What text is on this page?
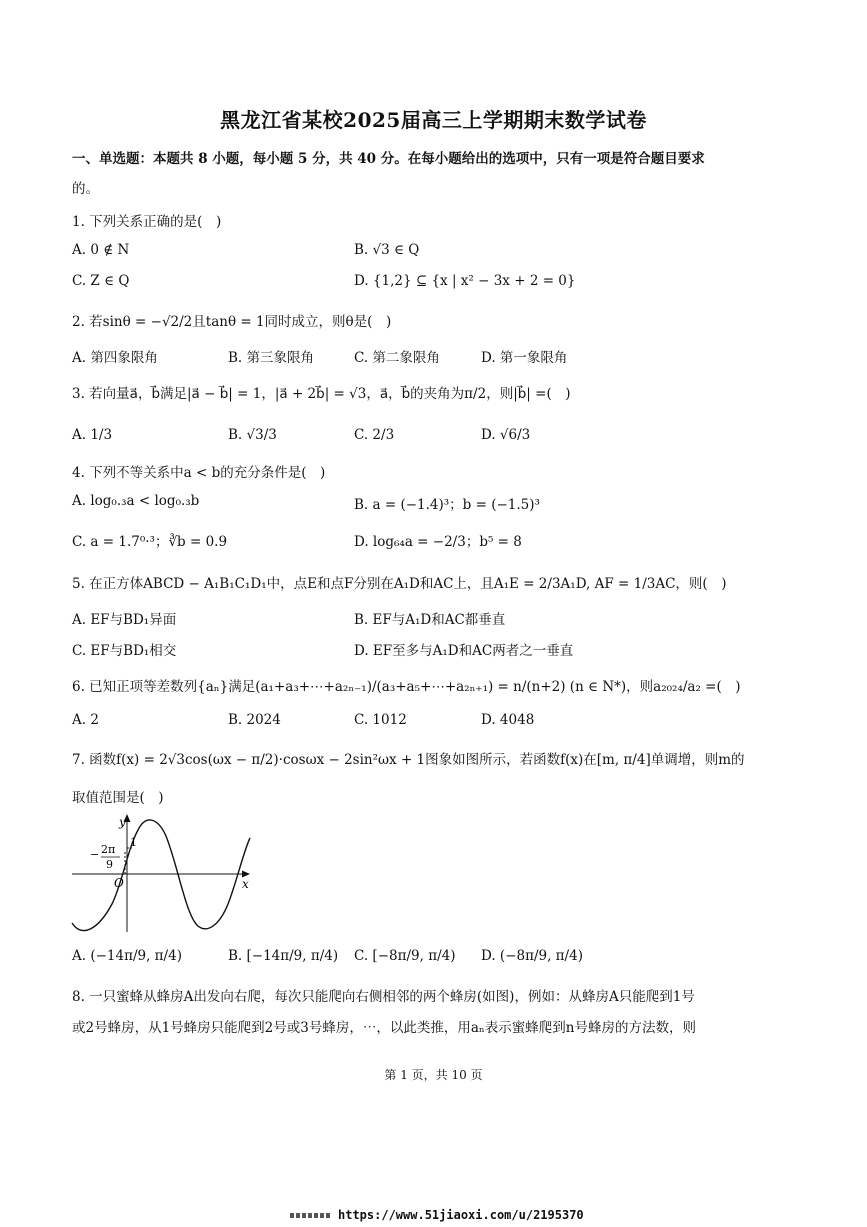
黑龙江省某校2025届高三上学期期末数学试卷
一、单选题：本题共 8 小题，每小题 5 分，共 40 分。在每小题给出的选项中，只有一项是符合题目要求
的。
1. 下列关系正确的是(　)
A. 0 ∉ N	B. √3 ∈ Q
C. Z ∈ Q	D. {1,2} ⊆ {x | x² − 3x + 2 = 0}
2. 若sinθ = −√2/2且tanθ = 1同时成立，则θ是(　)
A. 第四象限角	B. 第三象限角	C. 第二象限角	D. 第一象限角
3. 若向量a⃗，b⃗满足|a⃗ − b⃗| = 1，|a⃗ + 2b⃗| = √3，a⃗，b⃗的夹角为π/2，则|b⃗| =(　)
A. 1/3	B. √3/3	C. 2/3	D. √6/3
4. 下列不等关系中a < b的充分条件是(　)
A. log₀.₃a < log₀.₃b	B. a = (−1.4)³；b = (−1.5)³
C. a = 1.7⁰·³；∛b = 0.9	D. log₆₄a = −2/3；b⁵ = 8
5. 在正方体ABCD − A₁B₁C₁D₁中，点E和点F分别在A₁D和AC上，且A₁E = 2/3A₁D, AF = 1/3AC，则(　)
A. EF与BD₁异面	B. EF与A₁D和AC都垂直
C. EF与BD₁相交	D. EF至多与A₁D和AC两者之一垂直
6. 已知正项等差数列{aₙ}满足(a₁+a₃+⋯+a₂ₙ₋₁)/(a₃+a₅+⋯+a₂ₙ₊₁) = n/(n+2) (n ∈ N*)，则a₂₀₂₄/a₂ =(　)
A. 2	B. 2024	C. 1012	D. 4048
7. 函数f(x) = 2√3cos(ωx − π/2)·cosωx − 2sin²ωx + 1图象如图所示，若函数f(x)在[m, π/4]单调增，则m的
取值范围是(　)
y
x
O
1
− 2π
9
A. (−14π/9, π/4)	B. [−14π/9, π/4) C. [−8π/9, π/4) D. (−8π/9, π/4)
8. 一只蜜蜂从蜂房A出发向右爬，每次只能爬向右侧相邻的两个蜂房(如图)，例如：从蜂房A只能爬到1号
或2号蜂房，从1号蜂房只能爬到2号或3号蜂房，⋯，以此类推，用aₙ表示蜜蜂爬到n号蜂房的方法数，则
第 1 页，共 10 页
https://www.51jiaoxi.com/u/2195370
